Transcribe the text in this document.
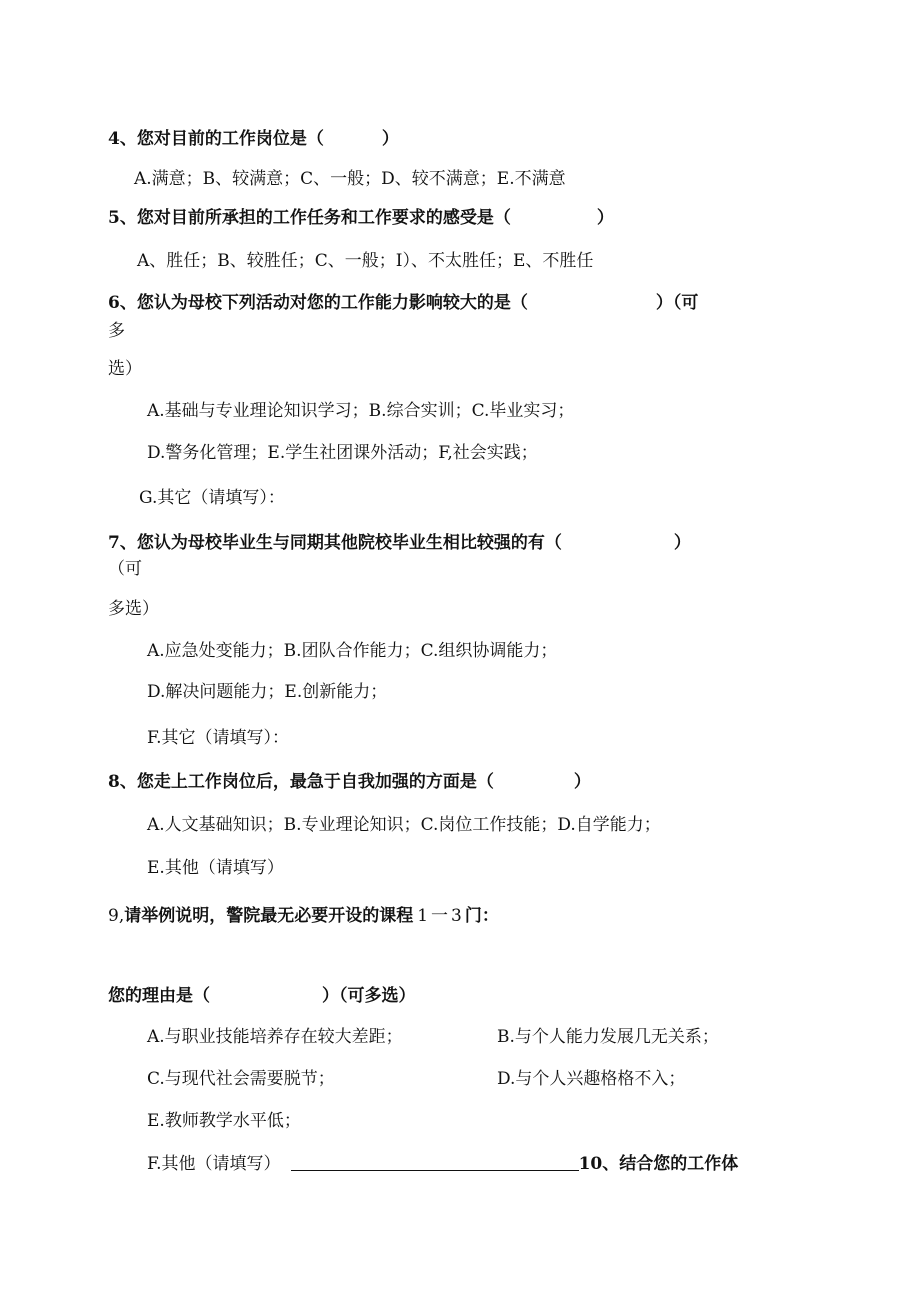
4、您对目前的工作岗位是（	）
A.满意；B、较满意；C、一般；D、较不满意；E.不满意
5、您对目前所承担的工作任务和工作要求的感受是（	）
A、胜任；B、较胜任；C、一般；I）、不太胜任；E、不胜任
6、您认为母校下列活动对您的工作能力影响较大的是（	）（可
多
选）
A.基础与专业理论知识学习；B.综合实训；C.毕业实习；
D.警务化管理；E.学生社团课外活动；F,社会实践；
G.其它（请填写）：
7、您认为母校毕业生与同期其他院校毕业生相比较强的有（	）
（可
多选）
A.应急处变能力；B.团队合作能力；C.组织协调能力；
D.解决问题能力；E.创新能力；
F.其它（请填写）：
8、您走上工作岗位后，最急于自我加强的方面是（	）
A.人文基础知识；B.专业理论知识；C.岗位工作技能；D.自学能力；
E.其他（请填写）
9,请举例说明，警院最无必要开设的课程 1一3门：
您的理由是（	）（可多选）
A.与职业技能培养存在较大差距；	B.与个人能力发展几无关系；
C.与现代社会需要脱节；	D.与个人兴趣格格不入；
E.教师教学水平低；
F.其他（请填写）	10、结合您的工作体
